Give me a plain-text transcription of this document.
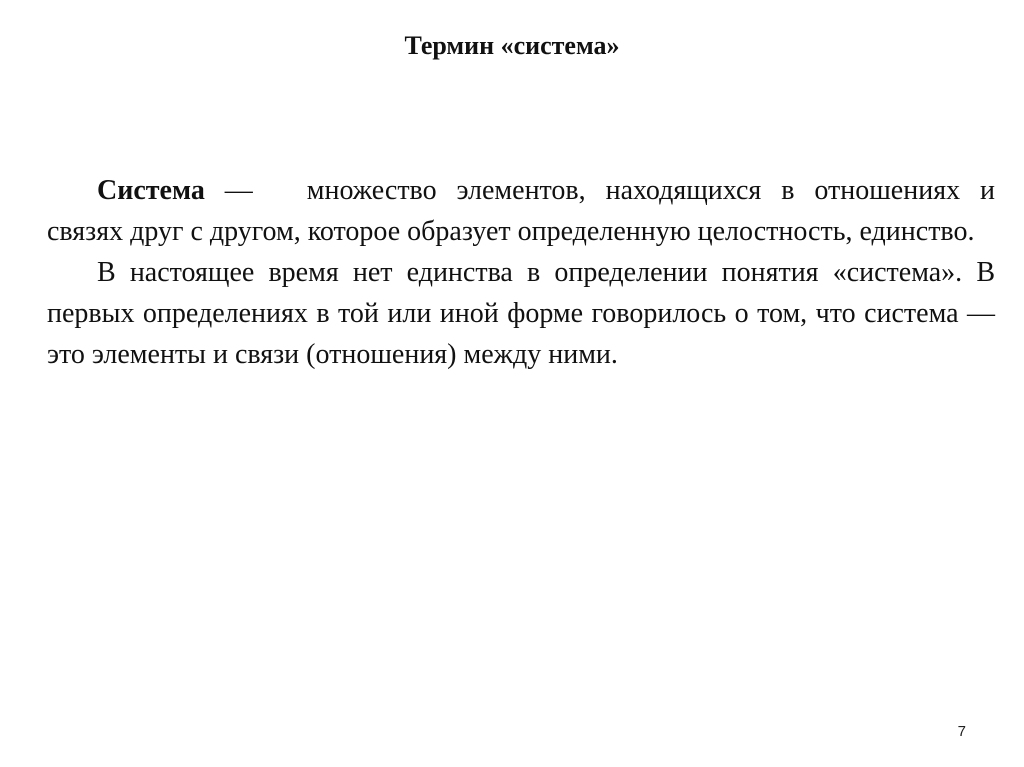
Термин «система»

Система — множество элементов, находящихся в отношениях и связях друг с другом, которое образует определенную целостность, единство.

В настоящее время нет единства в определении понятия «система». В первых определениях в той или иной форме говорилось о том, что система — это элементы и связи (отношения) между ними.

7
